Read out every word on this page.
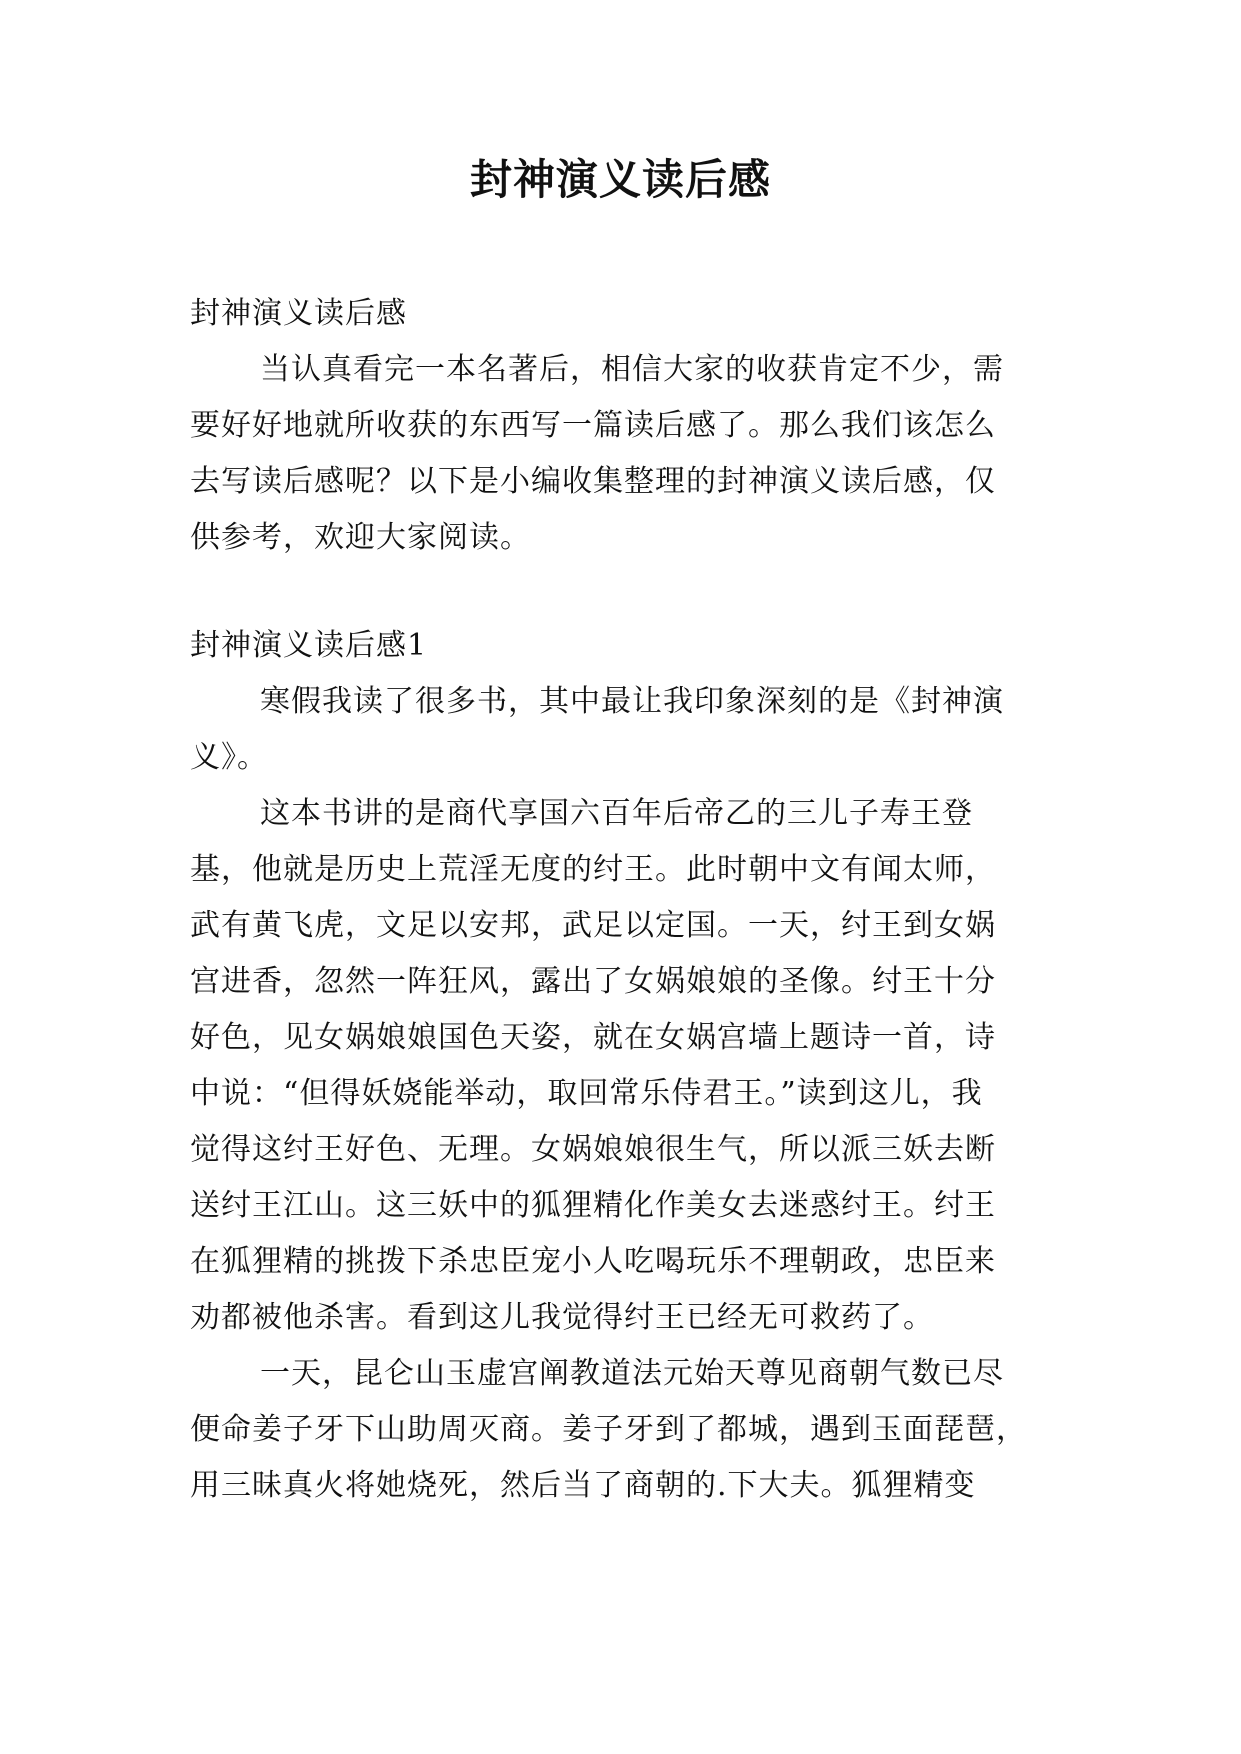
封神演义读后感
封神演义读后感
当认真看完一本名著后，相信大家的收获肯定不少，需
要好好地就所收获的东西写一篇读后感了。那么我们该怎么
去写读后感呢？以下是小编收集整理的封神演义读后感，仅
供参考，欢迎大家阅读。
封神演义读后感1
寒假我读了很多书，其中最让我印象深刻的是《封神演
义》。
这本书讲的是商代享国六百年后帝乙的三儿子寿王登
基，他就是历史上荒淫无度的纣王。此时朝中文有闻太师，
武有黄飞虎，文足以安邦，武足以定国。一天，纣王到女娲
宫进香，忽然一阵狂风，露出了女娲娘娘的圣像。纣王十分
好色，见女娲娘娘国色天姿，就在女娲宫墙上题诗一首，诗
中说：“但得妖娆能举动，取回常乐侍君王。”读到这儿，我
觉得这纣王好色、无理。女娲娘娘很生气，所以派三妖去断
送纣王江山。这三妖中的狐狸精化作美女去迷惑纣王。纣王
在狐狸精的挑拨下杀忠臣宠小人吃喝玩乐不理朝政，忠臣来
劝都被他杀害。看到这儿我觉得纣王已经无可救药了。
一天，昆仑山玉虚宫阐教道法元始天尊见商朝气数已尽
便命姜子牙下山助周灭商。姜子牙到了都城，遇到玉面琵琶，
用三昧真火将她烧死，然后当了商朝的.下大夫。狐狸精变
